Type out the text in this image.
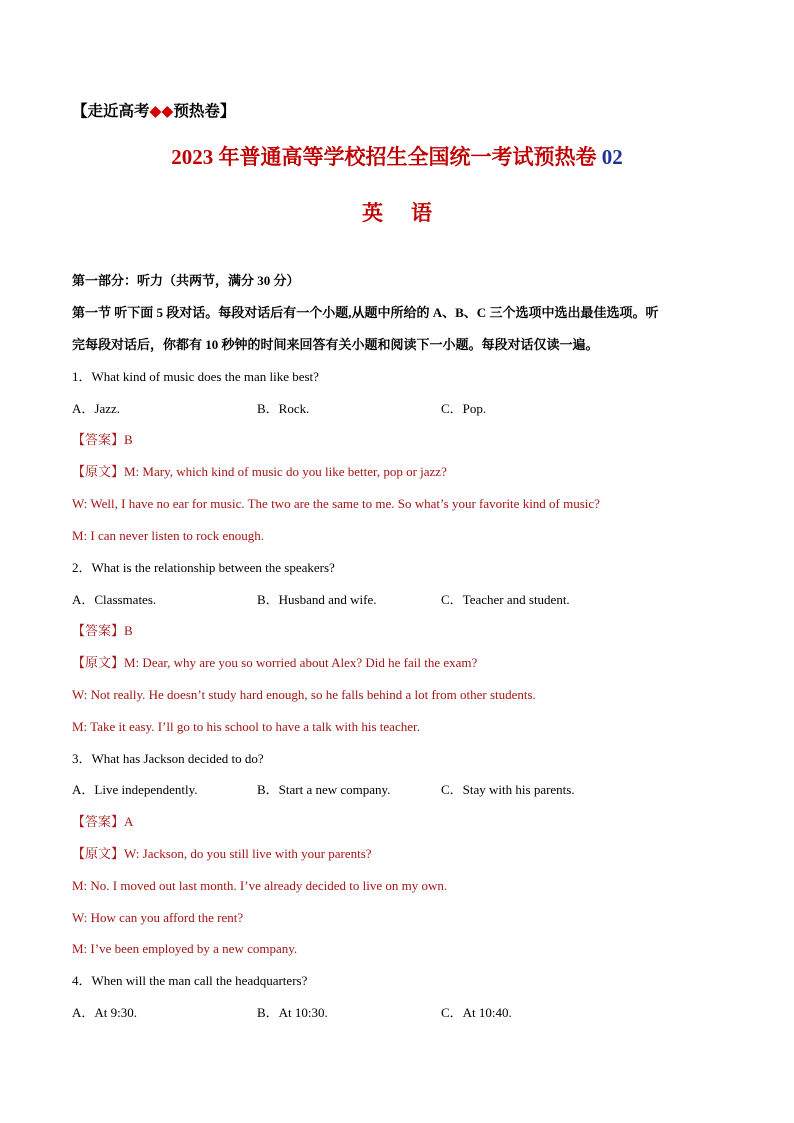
【走近高考◆◆预热卷】
2023 年普通高等学校招生全国统一考试预热卷 02
英 语
第一部分：听力（共两节，满分 30 分）
第一节 听下面 5 段对话。每段对话后有一个小题,从题中所给的 A、B、C 三个选项中选出最佳选项。听
完每段对话后，你都有 10 秒钟的时间来回答有关小题和阅读下一小题。每段对话仅读一遍。
1．What kind of music does the man like best?
A．Jazz.	B．Rock.	C．Pop.
【答案】B
【原文】M: Mary, which kind of music do you like better, pop or jazz?
W: Well, I have no ear for music. The two are the same to me. So what’s your favorite kind of music?
M: I can never listen to rock enough.
2．What is the relationship between the speakers?
A．Classmates.	B．Husband and wife.	C．Teacher and student.
【答案】B
【原文】M: Dear, why are you so worried about Alex? Did he fail the exam?
W: Not really. He doesn’t study hard enough, so he falls behind a lot from other students.
M: Take it easy. I’ll go to his school to have a talk with his teacher.
3．What has Jackson decided to do?
A．Live independently.	B．Start a new company.	C．Stay with his parents.
【答案】A
【原文】W: Jackson, do you still live with your parents?
M: No. I moved out last month. I’ve already decided to live on my own.
W: How can you afford the rent?
M: I’ve been employed by a new company.
4．When will the man call the headquarters?
A．At 9:30.	B．At 10:30.	C．At 10:40.
